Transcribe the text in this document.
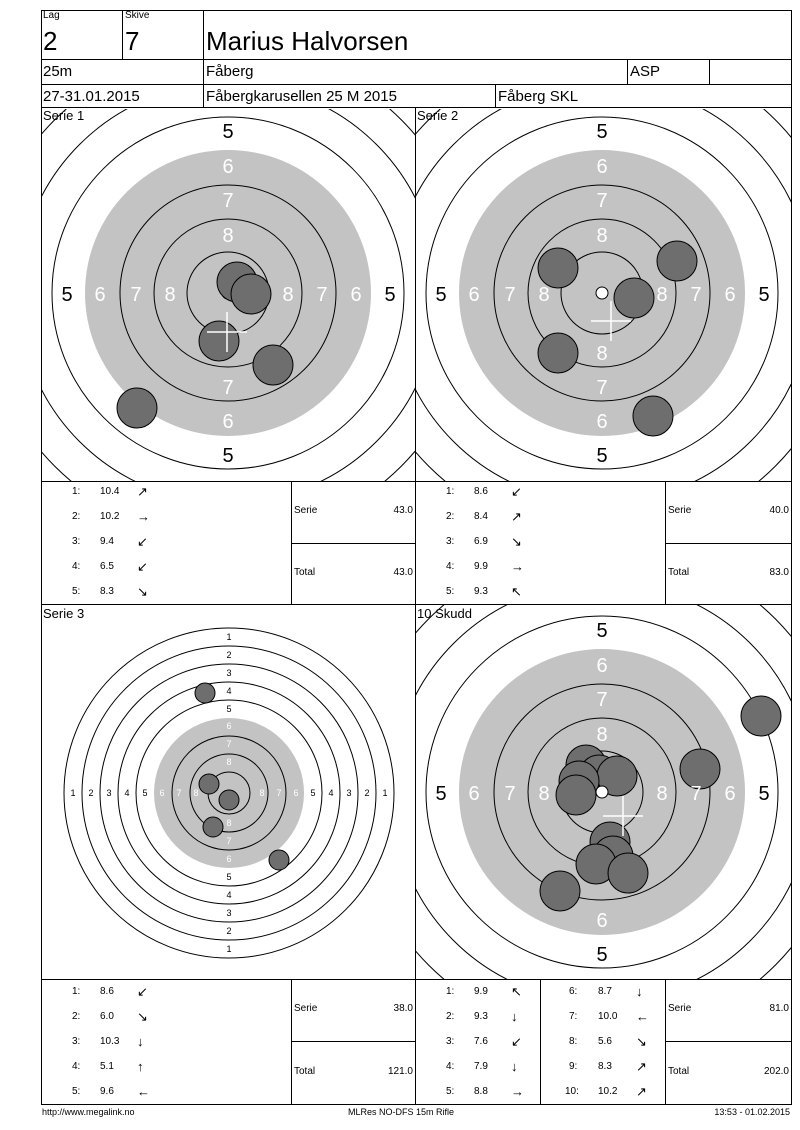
Lag
2
Skive
7	Marius Halvorsen
25m	Fåberg	ASP
27-31.01.2015	Fåbergkarusellen 25 M 2015	Fåberg SKL
5
5
5	5
6
6
6	6
7
7
7	7
8
8	8
Serie 1
5
5
5	5
6
6
6	6
7
7
7	7
8
8
8	8
Serie 2
1: 10.4 ↗
2: 10.2 →
3: 9.4 ↙
4: 6.5 ↙
5: 8.3 ↘
Serie	43.0
Total	43.0
1: 8.6 ↙
2: 8.4 ↗
3: 6.9 ↘
4: 9.9 →
5: 9.3 ↖
Serie	40.0
Total	83.0
1
2
3
4
5
1
2
3
4
5
1 2 3 4 5	1
2
3
4
5
6
7
8
6
7
8
6 7 8	6
7
8
Serie 3
5
5
5	5
6
6
6	6
7
7	7
8
8	8
10 Skudd
1: 8.6 ↙
2: 6.0 ↘
3: 10.3 ↓
4: 5.1 ↑
5: 9.6 ←
Serie	38.0
Total	121.0
1: 9.9 ↖
2: 9.3 ↓
3: 7.6 ↙
4: 7.9 ↓
5: 8.8 →
6: 8.7 ↓
7: 10.0 ←
8: 5.6 ↘
9: 8.3 ↗
10: 10.2 ↗
Serie	81.0
Total	202.0
http://www.megalink.no	MLRes NO-DFS 15m Rifle	13:53 - 01.02.2015
